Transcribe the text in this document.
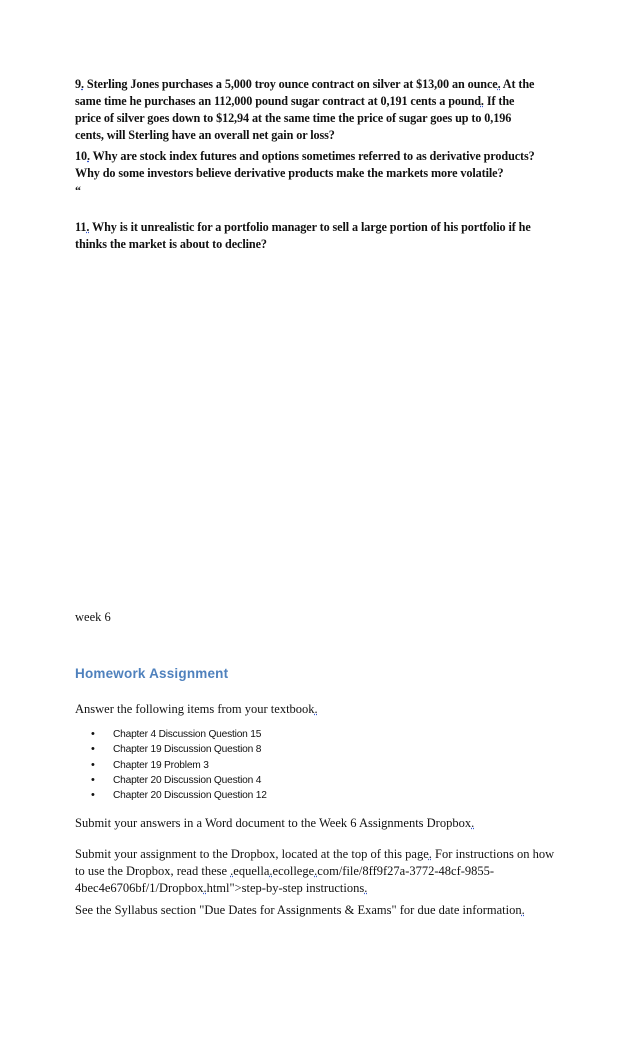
9. Sterling Jones purchases a 5,000 troy ounce contract on silver at $13,00 an ounce. At the

same time he purchases an 112,000 pound sugar contract at 0,191 cents a pound. If the

price of silver goes down to $12,94 at the same time the price of sugar goes up to 0,196

cents, will Sterling have an overall net gain or loss?

10. Why are stock index futures and options sometimes referred to as derivative products?

Why do some investors believe derivative products make the markets more volatile?

“

11. Why is it unrealistic for a portfolio manager to sell a large portion of his portfolio if he

thinks the market is about to decline?

week 6
Homework Assignment

Answer the following items from your textbook.

• Chapter 4 Discussion Question 15
• Chapter 19 Discussion Question 8
• Chapter 19 Problem 3
• Chapter 20 Discussion Question 4
• Chapter 20 Discussion Question 12

Submit your answers in a Word document to the Week 6 Assignments Dropbox.

Submit your assignment to the Dropbox, located at the top of this page. For instructions on how

to use the Dropbox, read these .equella.ecollege.com/file/8ff9f27a-3772-48cf-9855-

4bec4e6706bf/1/Dropbox.html">step-by-step instructions.

See the Syllabus section "Due Dates for Assignments & Exams" for due date information.
